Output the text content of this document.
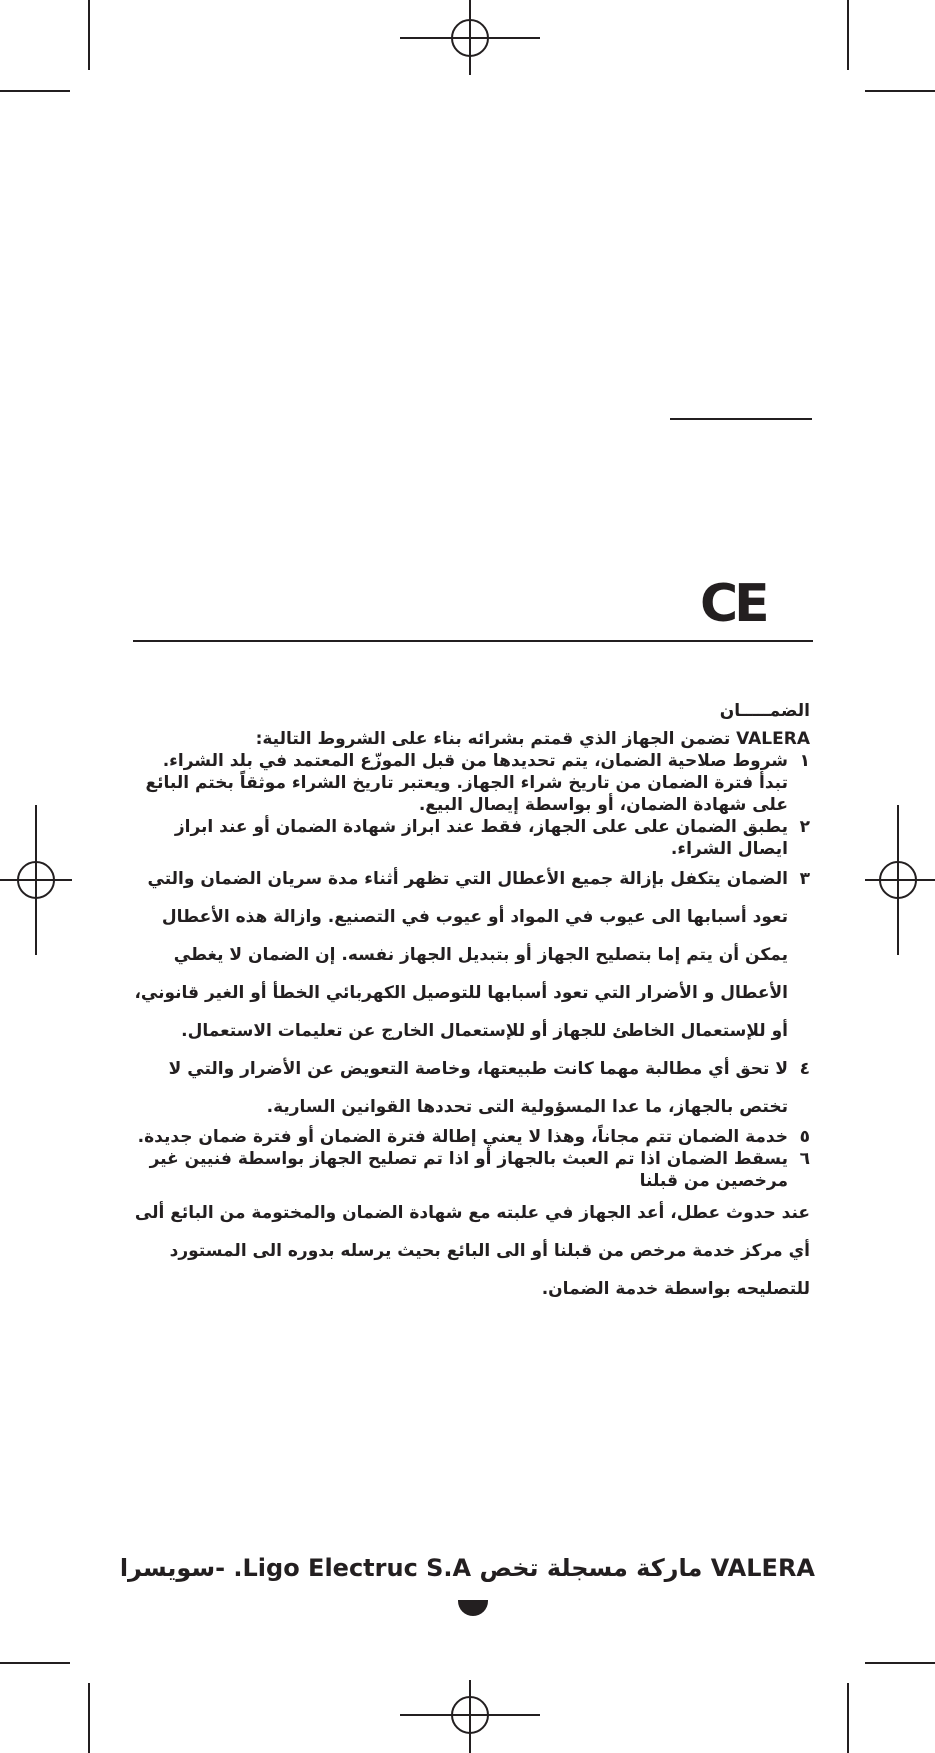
CE
الضمـــــان
VALERA تضمن الجهاز الذي قمتم بشرائه بناء على الشروط التالية:
١
شروط صلاحية الضمان، يتم تحديدها من قبل الموزّع المعتمد في بلد الشراء. تبدأ فترة الضمان من تاريخ شراء الجهاز. ويعتبر تاريخ الشراء موثقاً بختم البائع على شهادة الضمان، أو بواسطة إيصال البيع.
٢
يطبق الضمان على على الجهاز، فقط عند ابراز شهادة الضمان أو عند ابراز ايصال الشراء.
٣
الضمان يتكفل بإزالة جميع الأعطال التي تظهر أثناء مدة سريان الضمان والتي تعود أسبابها الى عيوب في المواد أو عيوب في التصنيع. وازالة هذه الأعطال يمكن أن يتم إما بتصليح الجهاز أو بتبديل الجهاز نفسه. إن الضمان لا يغطي الأعطال و الأضرار التي تعود أسبابها للتوصيل الكهربائي الخطأ أو الغير قانوني، أو للإستعمال الخاطئ للجهاز أو للإستعمال الخارج عن تعليمات الاستعمال.
٤
لا تحق أي مطالبة مهما كانت طبيعتها، وخاصة التعويض عن الأضرار والتي لا تختص بالجهاز، ما عدا المسؤولية التى تحددها القوانين السارية.
٥
خدمة الضمان تتم مجاناً، وهذا لا يعني إطالة فترة الضمان أو فترة ضمان جديدة.
٦
يسقط الضمان اذا تم العبث بالجهاز أو اذا تم تصليح الجهاز بواسطة فنيين غير مرخصين من قبلنا
عند حدوث عطل، أعد الجهاز في علبته مع شهادة الضمان والمختومة من البائع ألى أي مركز خدمة مرخص من قبلنا أو الى البائع بحيث يرسله بدوره الى المستورد للتصليحه بواسطة خدمة الضمان.
VALERA ماركة مسجلة تخص Ligo Electruc S.A. -سويسرا
